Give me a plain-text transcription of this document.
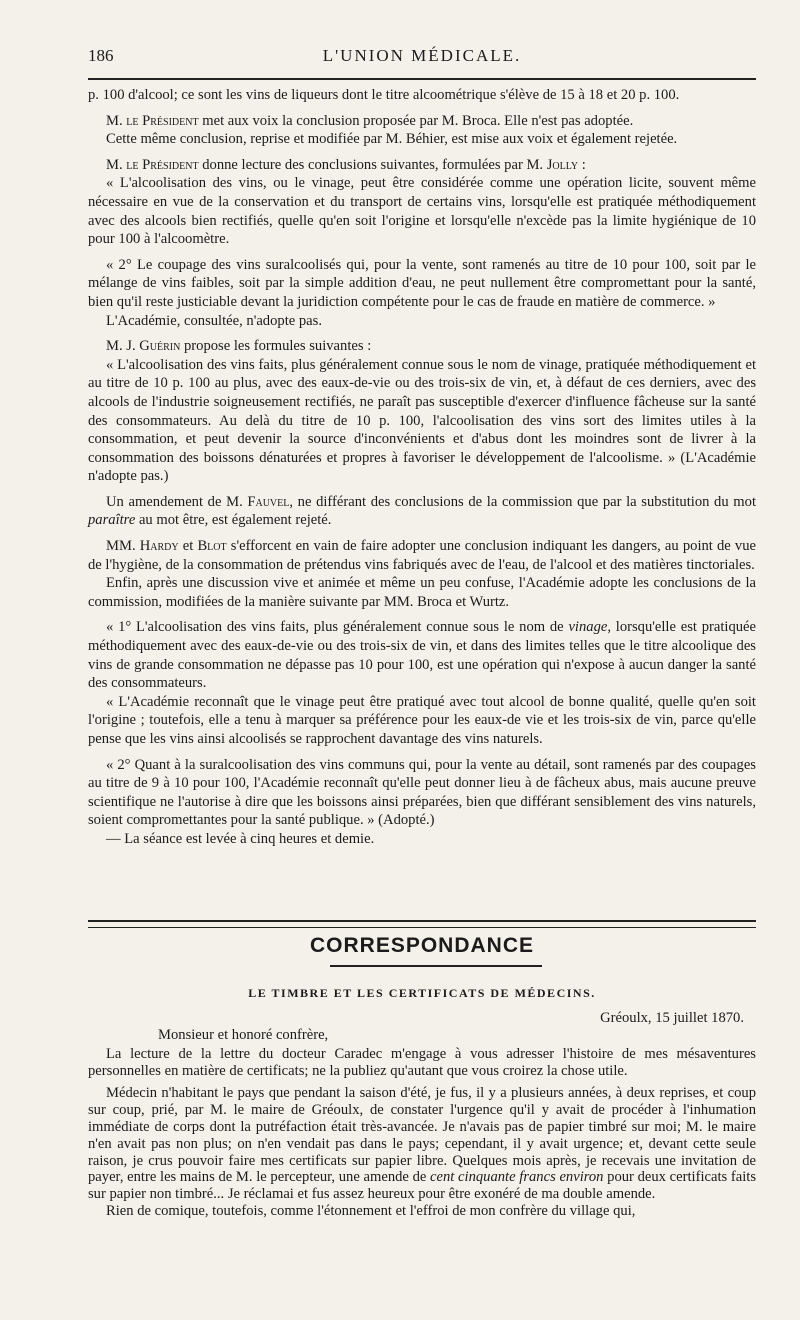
186	L'UNION MÉDICALE.

p. 100 d'alcool; ce sont les vins de liqueurs dont le titre alcoométrique s'élève de 15 à 18 et 20 p. 100.

M. le Président met aux voix la conclusion proposée par M. Broca. Elle n'est pas adoptée.

Cette même conclusion, reprise et modifiée par M. Béhier, est mise aux voix et également rejetée.

M. le Président donne lecture des conclusions suivantes, formulées par M. Jolly :

« L'alcoolisation des vins, ou le vinage, peut être considérée comme une opération licite, souvent même nécessaire en vue de la conservation et du transport de certains vins, lorsqu'elle est pratiquée méthodiquement avec des alcools bien rectifiés, quelle qu'en soit l'origine et lorsqu'elle n'excède pas la limite hygiénique de 10 pour 100 à l'alcoomètre.

« 2° Le coupage des vins suralcoolisés qui, pour la vente, sont ramenés au titre de 10 pour 100, soit par le mélange de vins faibles, soit par la simple addition d'eau, ne peut nullement être compromettant pour la santé, bien qu'il reste justiciable devant la juridiction compétente pour le cas de fraude en matière de commerce. »

L'Académie, consultée, n'adopte pas.

M. J. Guérin propose les formules suivantes :

« L'alcoolisation des vins faits, plus généralement connue sous le nom de vinage, pratiquée méthodiquement et au titre de 10 p. 100 au plus, avec des eaux-de-vie ou des trois-six de vin, et, à défaut de ces derniers, avec des alcools de l'industrie soigneusement rectifiés, ne paraît pas susceptible d'exercer d'influence fâcheuse sur la santé des consommateurs. Au delà du titre de 10 p. 100, l'alcoolisation des vins sort des limites utiles à la consommation, et peut devenir la source d'inconvénients et d'abus dont les moindres sont de livrer à la consommation des boissons dénaturées et propres à favoriser le développement de l'alcoolisme. » (L'Académie n'adopte pas.)

Un amendement de M. Fauvel, ne différant des conclusions de la commission que par la substitution du mot paraître au mot être, est également rejeté.

MM. Hardy et Blot s'efforcent en vain de faire adopter une conclusion indiquant les dangers, au point de vue de l'hygiène, de la consommation de prétendus vins fabriqués avec de l'eau, de l'alcool et des matières tinctoriales.

Enfin, après une discussion vive et animée et même un peu confuse, l'Académie adopte les conclusions de la commission, modifiées de la manière suivante par MM. Broca et Wurtz.

« 1° L'alcoolisation des vins faits, plus généralement connue sous le nom de vinage, lorsqu'elle est pratiquée méthodiquement avec des eaux-de-vie ou des trois-six de vin, et dans des limites telles que le titre alcoolique des vins de grande consommation ne dépasse pas 10 pour 100, est une opération qui n'expose à aucun danger la santé des consommateurs.

« L'Académie reconnaît que le vinage peut être pratiqué avec tout alcool de bonne qualité, quelle qu'en soit l'origine ; toutefois, elle a tenu à marquer sa préférence pour les eaux-de vie et les trois-six de vin, parce qu'elle pense que les vins ainsi alcoolisés se rapprochent davantage des vins naturels.

« 2° Quant à la suralcoolisation des vins communs qui, pour la vente au détail, sont ramenés par des coupages au titre de 9 à 10 pour 100, l'Académie reconnaît qu'elle peut donner lieu à de fâcheux abus, mais aucune preuve scientifique ne l'autorise à dire que les boissons ainsi préparées, bien que différant sensiblement des vins naturels, soient compromettantes pour la santé publique. » (Adopté.)

— La séance est levée à cinq heures et demie.

CORRESPONDANCE
LE TIMBRE ET LES CERTIFICATS DE MÉDECINS.
Gréoulx, 15 juillet 1870.

Monsieur et honoré confrère,

La lecture de la lettre du docteur Caradec m'engage à vous adresser l'histoire de mes mésaventures personnelles en matière de certificats; ne la publiez qu'autant que vous croirez la chose utile.

Médecin n'habitant le pays que pendant la saison d'été, je fus, il y a plusieurs années, à deux reprises, et coup sur coup, prié, par M. le maire de Gréoulx, de constater l'urgence qu'il y avait de procéder à l'inhumation immédiate de corps dont la putréfaction était très-avancée. Je n'avais pas de papier timbré sur moi; M. le maire n'en avait pas non plus; on n'en vendait pas dans le pays; cependant, il y avait urgence; et, devant cette seule raison, je crus pouvoir faire mes certificats sur papier libre. Quelques mois après, je recevais une invitation de payer, entre les mains de M. le percepteur, une amende de cent cinquante francs environ pour deux certificats faits sur papier non timbré... Je réclamai et fus assez heureux pour être exonéré de ma double amende.

Rien de comique, toutefois, comme l'étonnement et l'effroi de mon confrère du village qui,
